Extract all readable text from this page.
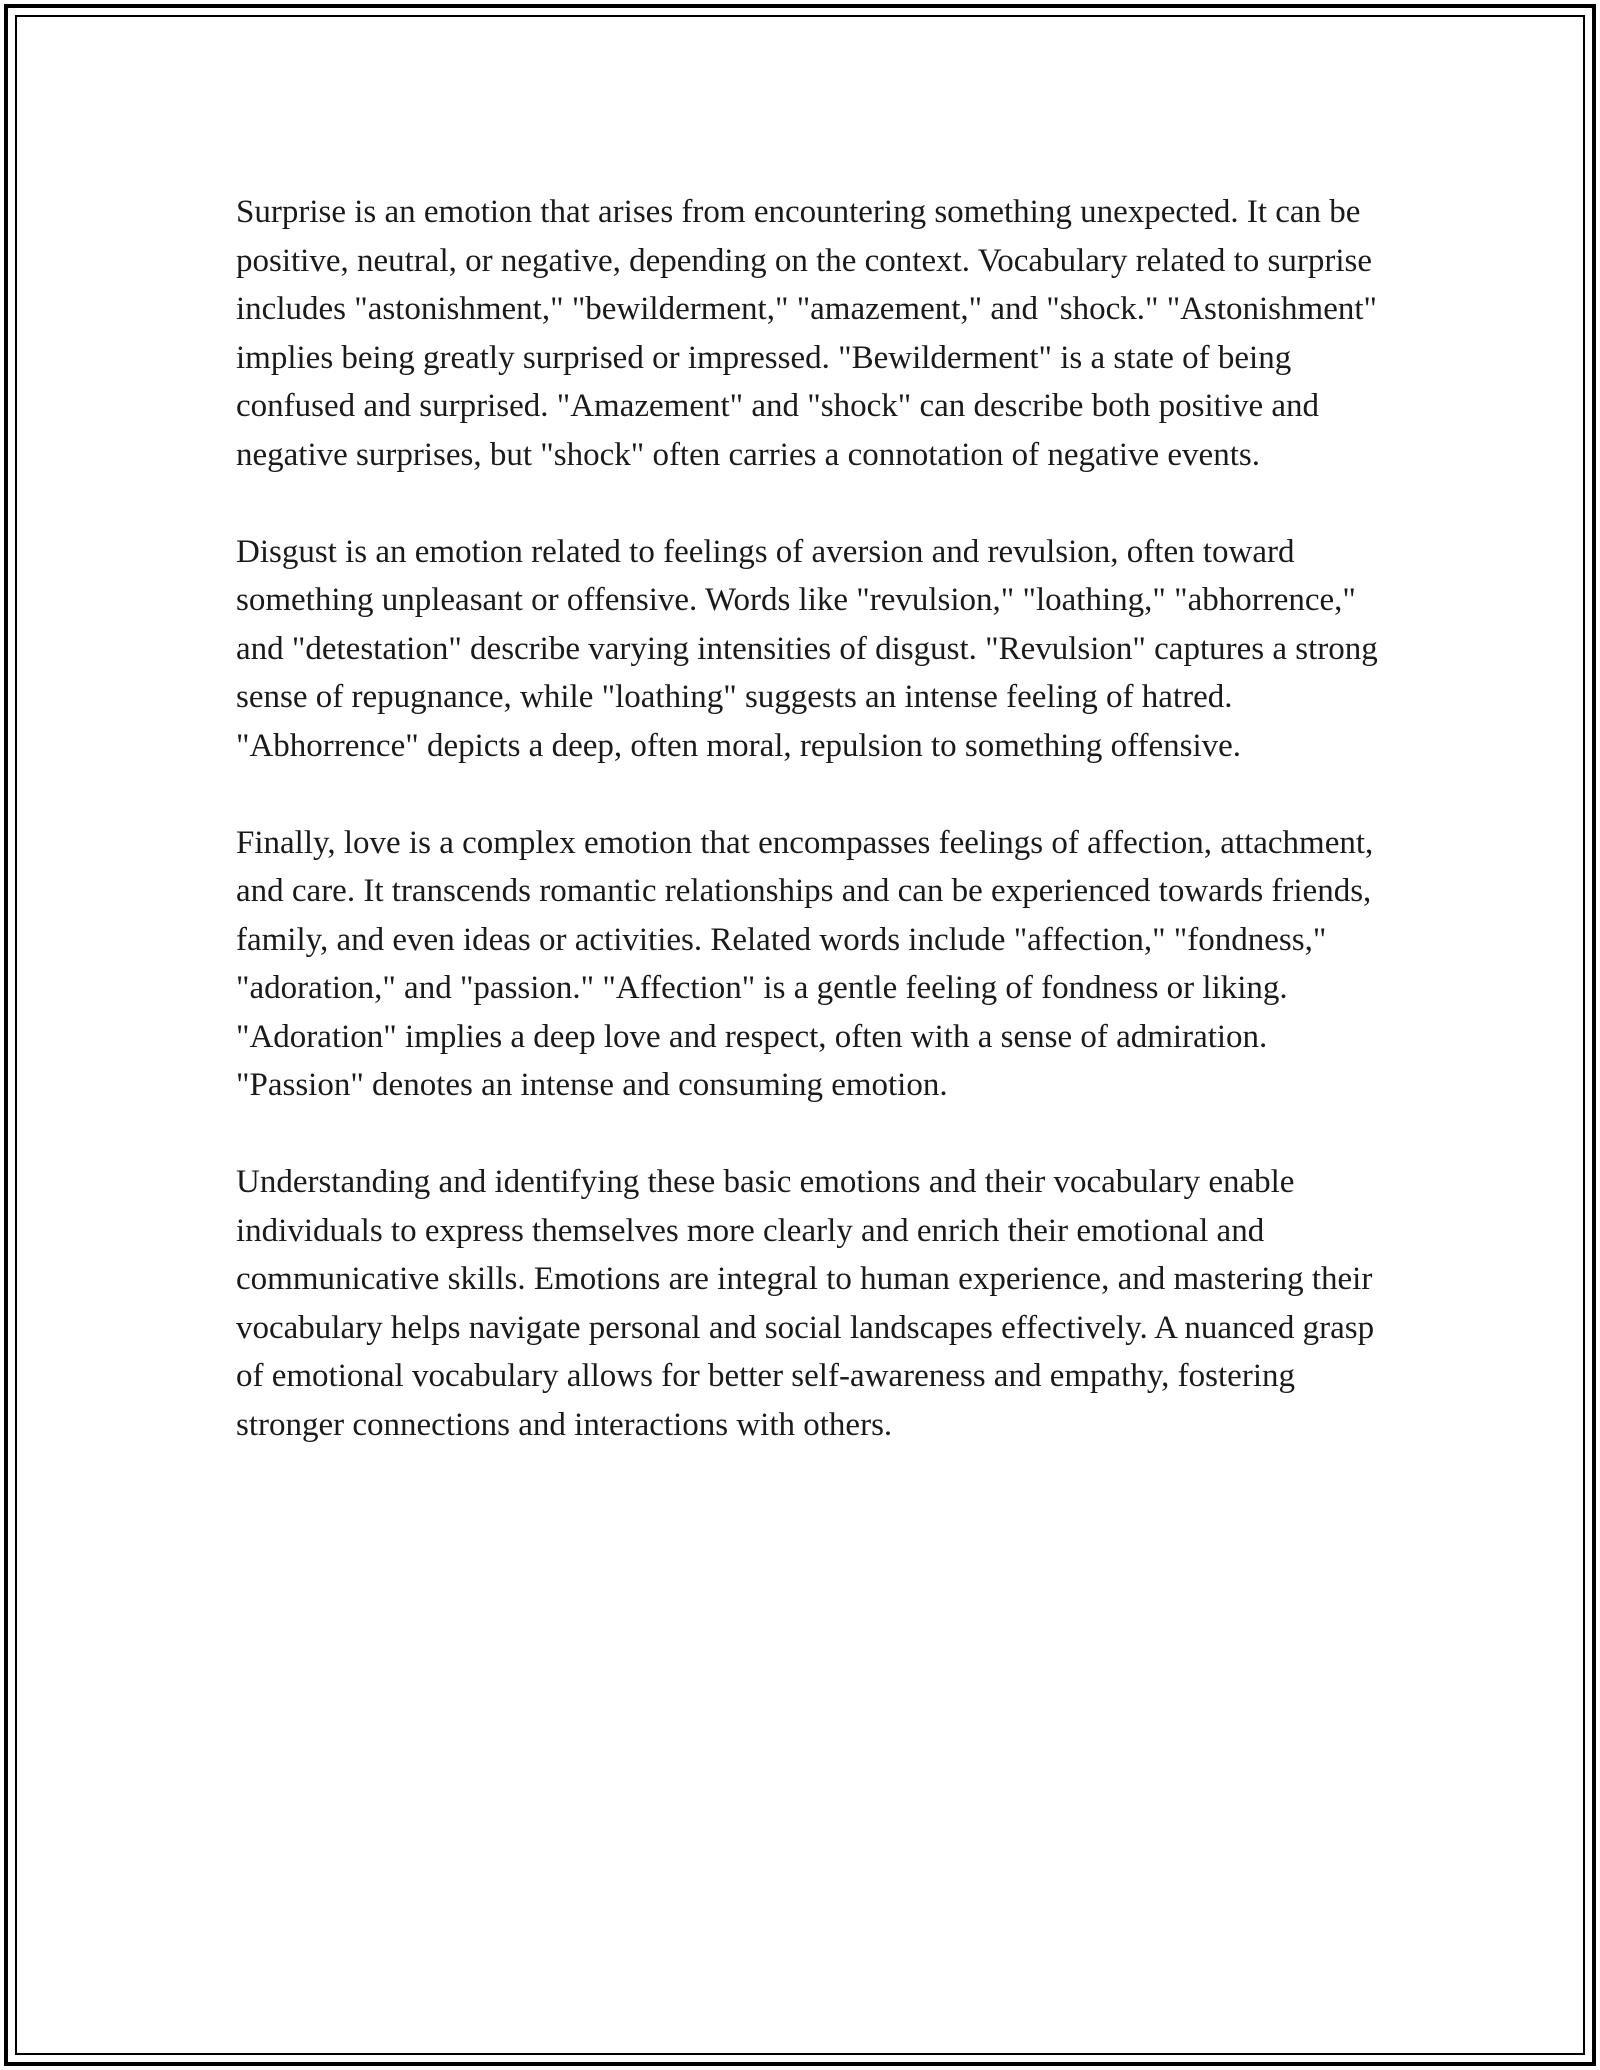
Surprise is an emotion that arises from encountering something unexpected. It can be positive, neutral, or negative, depending on the context. Vocabulary related to surprise includes "astonishment," "bewilderment," "amazement," and "shock." "Astonishment" implies being greatly surprised or impressed. "Bewilderment" is a state of being confused and surprised. "Amazement" and "shock" can describe both positive and negative surprises, but "shock" often carries a connotation of negative events.

Disgust is an emotion related to feelings of aversion and revulsion, often toward something unpleasant or offensive. Words like "revulsion," "loathing," "abhorrence," and "detestation" describe varying intensities of disgust. "Revulsion" captures a strong sense of repugnance, while "loathing" suggests an intense feeling of hatred. "Abhorrence" depicts a deep, often moral, repulsion to something offensive.

Finally, love is a complex emotion that encompasses feelings of affection, attachment, and care. It transcends romantic relationships and can be experienced towards friends, family, and even ideas or activities. Related words include "affection," "fondness," "adoration," and "passion." "Affection" is a gentle feeling of fondness or liking. "Adoration" implies a deep love and respect, often with a sense of admiration. "Passion" denotes an intense and consuming emotion.

Understanding and identifying these basic emotions and their vocabulary enable individuals to express themselves more clearly and enrich their emotional and communicative skills. Emotions are integral to human experience, and mastering their vocabulary helps navigate personal and social landscapes effectively. A nuanced grasp of emotional vocabulary allows for better self-awareness and empathy, fostering stronger connections and interactions with others.
